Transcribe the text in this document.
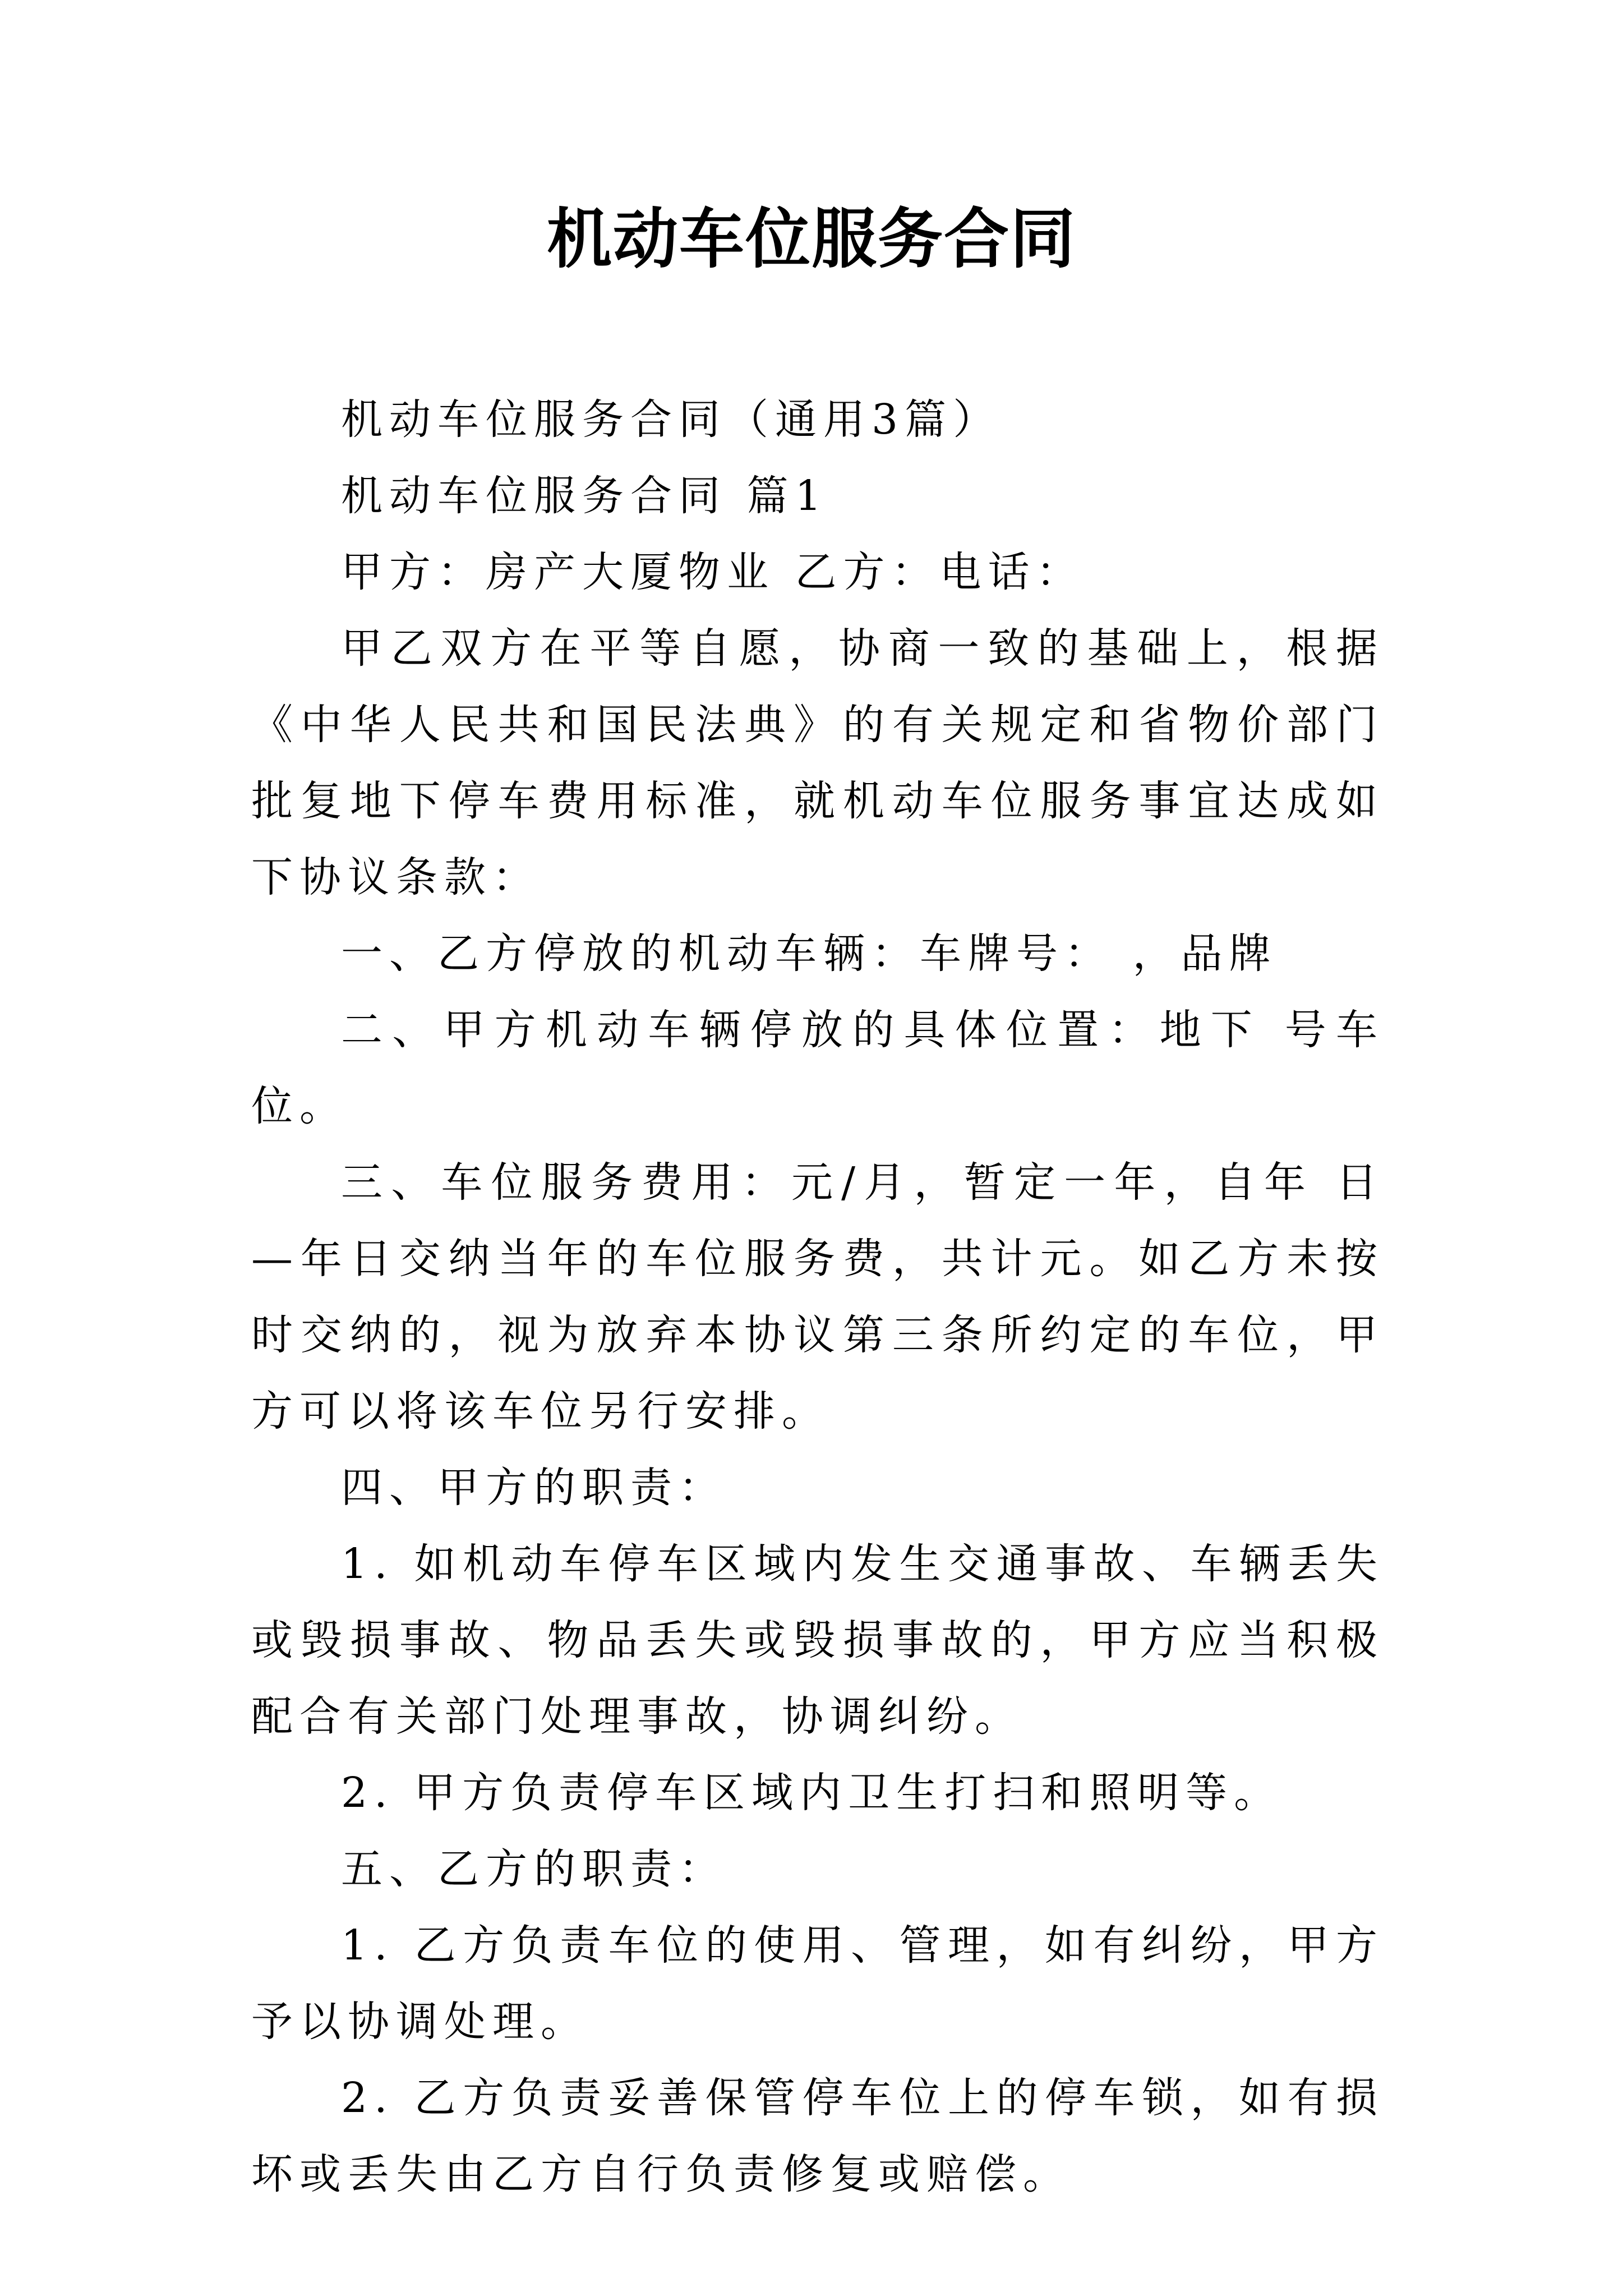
机动车位服务合同

机动车位服务合同（通用3篇）

机动车位服务合同 篇1

甲方：房产大厦物业 乙方：电话：

甲乙双方在平等自愿，协商一致的基础上，根据《中华人民共和国民法典》的有关规定和省物价部门批复地下停车费用标准，就机动车位服务事宜达成如下协议条款：

一、乙方停放的机动车辆：车牌号： ，品牌

二、甲方机动车辆停放的具体位置：地下 号车位。

三、车位服务费用：元/月，暂定一年，自年 日—年日交纳当年的车位服务费，共计元。如乙方未按时交纳的，视为放弃本协议第三条所约定的车位，甲方可以将该车位另行安排。

四、甲方的职责：

1. 如机动车停车区域内发生交通事故、车辆丢失或毁损事故、物品丢失或毁损事故的，甲方应当积极配合有关部门处理事故，协调纠纷。

2. 甲方负责停车区域内卫生打扫和照明等。

五、乙方的职责：

1. 乙方负责车位的使用、管理，如有纠纷，甲方予以协调处理。

2. 乙方负责妥善保管停车位上的停车锁，如有损坏或丢失由乙方自行负责修复或赔偿。
